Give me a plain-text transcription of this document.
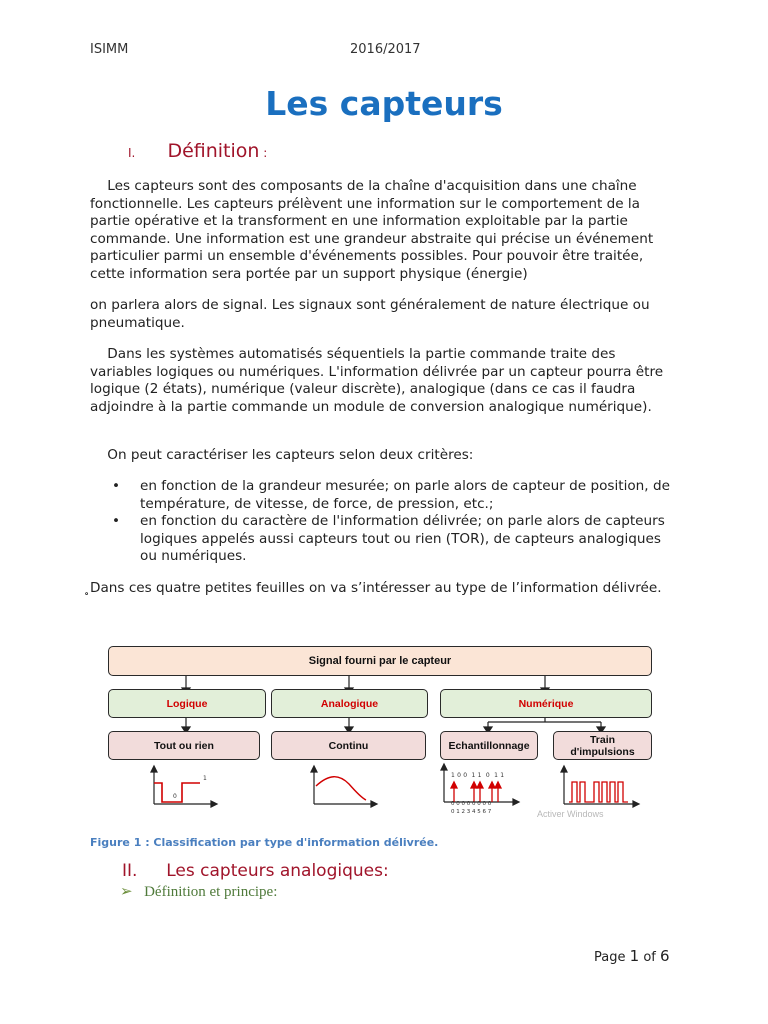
ISIMM	2016/2017
Les capteurs
I. Définition :
Les capteurs sont des composants de la chaîne d'acquisition dans une chaîne fonctionnelle. Les capteurs prélèvent une information sur le comportement de la partie opérative et la transforment en une information exploitable par la partie commande. Une information est une grandeur abstraite qui précise un événement particulier parmi un ensemble d'événements possibles. Pour pouvoir être traitée, cette information sera portée par un support physique (énergie)
on parlera alors de signal. Les signaux sont généralement de nature électrique ou pneumatique.
Dans les systèmes automatisés séquentiels la partie commande traite des variables logiques ou numériques. L'information délivrée par un capteur pourra être logique (2 états), numérique (valeur discrète), analogique (dans ce cas il faudra adjoindre à la partie commande un module de conversion analogique numérique).
On peut caractériser les capteurs selon deux critères:
• en fonction de la grandeur mesurée; on parle alors de capteur de position, de température, de vitesse, de force, de pression, etc.;
• en fonction du caractère de l'information délivrée; on parle alors de capteurs logiques appelés aussi capteurs tout ou rien (TOR), de capteurs analogiques ou numériques.
̥Dans ces quatre petites feuilles on va s’intéresser au type de l’information délivrée.
Signal fourni par le capteur
Logique	Analogique	Numérique
Tout ou rien	Continu	Echantillonnage	Train d'impulsions
1
0
1 0 0  1 1  0  1 1
0 0 0 0 0 0 0 0
0 1 2 3 4 5 6 7	Activer Windows
Figure 1 : Classification par type d'information délivrée.
II. Les capteurs analogiques:
➢ Définition et principe:
Page 1 of 6
